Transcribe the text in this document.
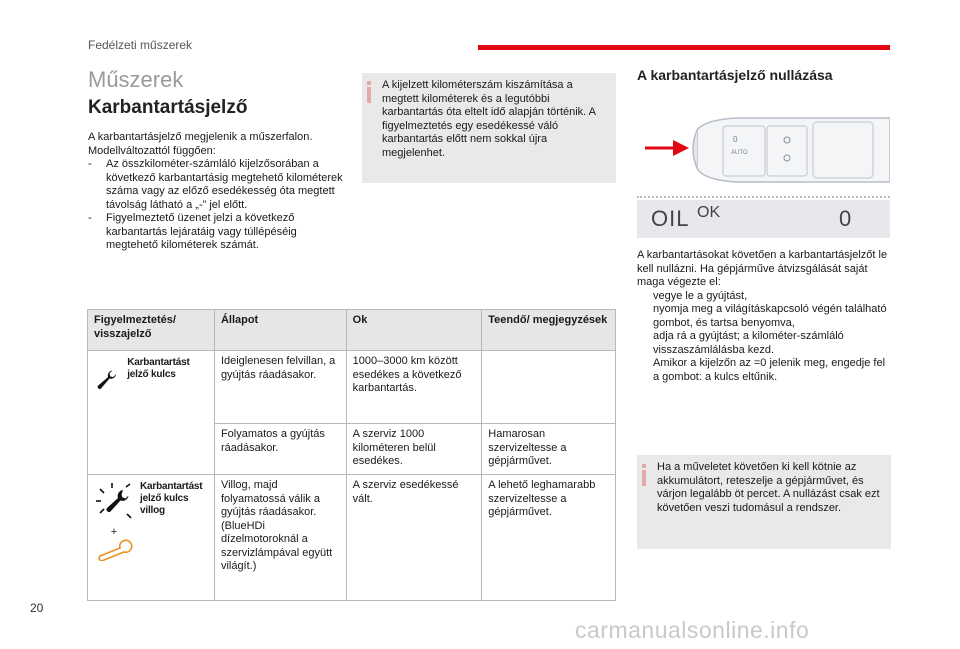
Fedélzeti műszerek
Műszerek
Karbantartásjelző
A karbantartásjelző megjelenik a műszerfalon. Modellváltozattól függően:
- Az összkilométer-számláló kijelzősorában a következő karbantartásig megtehető kilométerek száma vagy az előző esedékesség óta megtett távolság látható a „-” jel előtt.
- Figyelmeztető üzenet jelzi a következő karbantartás lejáratáig vagy túllépéséig megtehető kilométerek számát.
A kijelzett kilométerszám kiszámítása a megtett kilométerek és a legutóbbi karbantartás óta eltelt idő alapján történik. A figyelmeztetés egy esedékessé váló karbantartás előtt nem sokkal újra megjelenhet.
Figyelmeztetés/ visszajelző	Állapot	Ok	Teendő/ megjegyzések

Karbantartást jelző kulcs	Ideiglenesen felvillan, a gyújtás ráadásakor.	1000–3000 km között esedékes a következő karbantartás.	
	Folyamatos a gyújtás ráadásakor.	A szerviz 1000 kilométeren belül esedékes.	Hamarosan szervizeltesse a gépjárművet.

+
Karbantartást jelző kulcs villog	Villog, majd folyamatossá válik a gyújtás ráadásakor. (BlueHDi dízelmotoroknál a szervizlámpával együtt világít.)	A szerviz esedékessé vált.	A lehető leghamarabb szervizeltesse a gépjárművet.
A karbantartásjelző nullázása
0
AUTO
OIL OK	0
A karbantartásokat követően a karbantartásjelzőt le kell nullázni. Ha gépjárműve átvizsgálását saját maga végezte el:
vegye le a gyújtást,
nyomja meg a világításkapcsoló végén található gombot, és tartsa benyomva,
adja rá a gyújtást; a kilométer-számláló visszaszámlálásba kezd.
Amikor a kijelzőn az =0 jelenik meg, engedje fel a gombot: a kulcs eltűnik.
Ha a műveletet követően ki kell kötnie az akkumulátort, reteszelje a gépjárművet, és várjon legalább öt percet. A nullázást csak ezt követően veszi tudomásul a rendszer.
20
carmanualsonline.info
